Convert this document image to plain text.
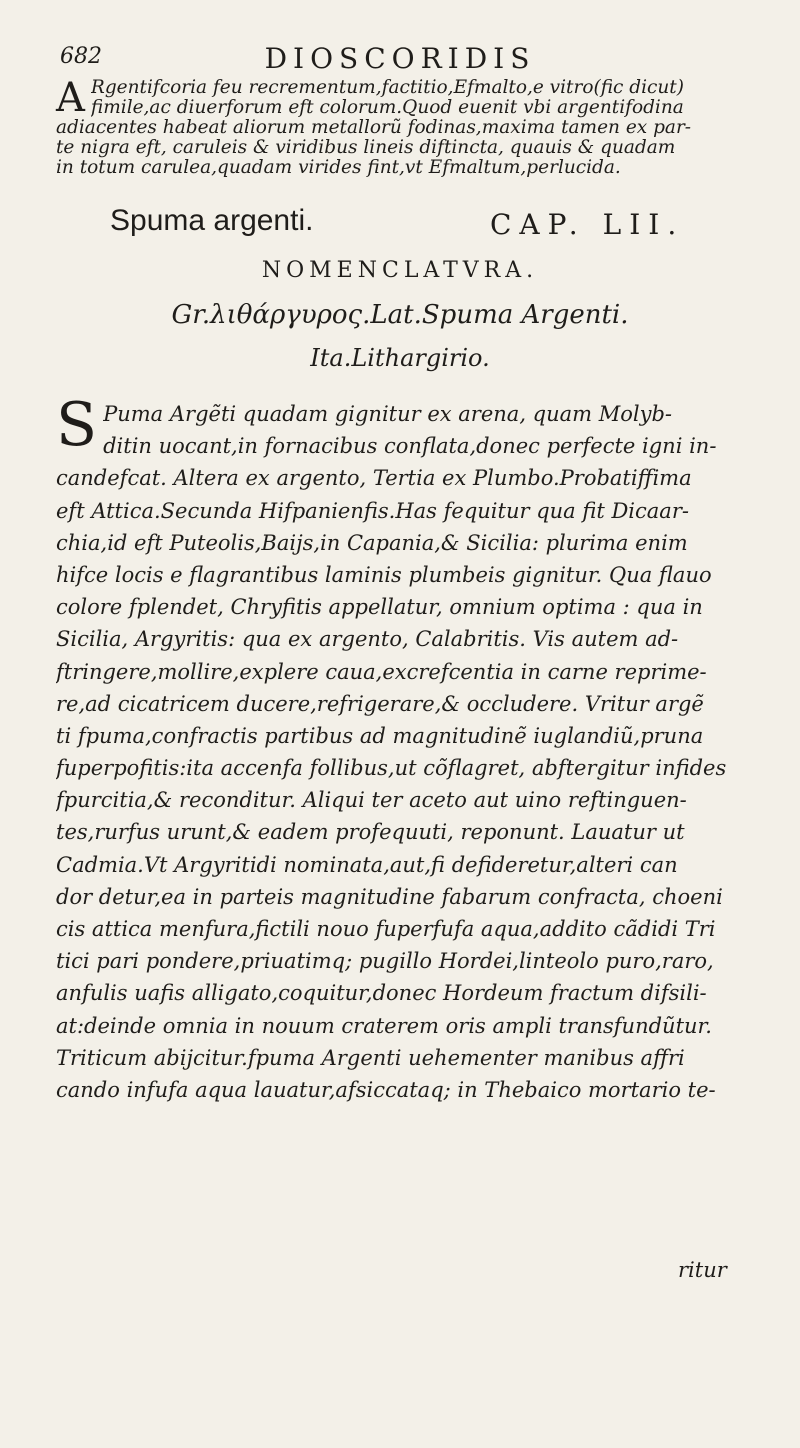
682	DIOSCORIDIS
A Rgentifcoria feu recrementum,factitio,Efmalto,e vitro(fic dicut)
fimile,ac diuerforum eft colorum.Quod euenit vbi argentifodina
adiacentes habeat aliorum metallorũ fodinas,maxima tamen ex par-
te nigra eft, caruleis & viridibus lineis diftincta, quauis & quadam
in totum carulea,quadam virides fint,vt Efmaltum,perlucida.
Spuma argenti.	CAP. LII.
NOMENCLATVRA.
Gr.λιθάργυρος.Lat.Spuma Argenti.
Ita.Lithargirio.
S Puma Argẽti quadam gignitur ex arena, quam Molyb-
ditin uocant,in fornacibus conflata,donec perfecte igni in-
candefcat. Altera ex argento, Tertia ex Plumbo.Probatiffima
eft Attica.Secunda Hifpanienfis.Has fequitur qua fit Dicaar-
chia,id eft Puteolis,Baijs,in Capania,& Sicilia: plurima enim
hifce locis e flagrantibus laminis plumbeis gignitur. Qua flauo
colore fplendet, Chryfitis appellatur, omnium optima : qua in
Sicilia, Argyritis: qua ex argento, Calabritis. Vis autem ad-
ftringere,mollire,explere caua,excrefcentia in carne reprime-
re,ad cicatricem ducere,refrigerare,& occludere. Vritur argẽ
ti fpuma,confractis partibus ad magnitudinẽ iuglandiũ,pruna
fuperpofitis:ita accenfa follibus,ut cõflagret, abftergitur infides
fpurcitia,& reconditur. Aliqui ter aceto aut uino reftinguen-
tes,rurfus urunt,& eadem profequuti, reponunt. Lauatur ut
Cadmia.Vt Argyritidi nominata,aut,fi defideretur,alteri can
dor detur,ea in parteis magnitudine fabarum confracta, choeni
cis attica menfura,fictili nouo fuperfufa aqua,addito cãdidi Tri
tici pari pondere,priuatimq; pugillo Hordei,linteolo puro,raro,
anfulis uafis alligato,coquitur,donec Hordeum fractum difsili-
at:deinde omnia in nouum craterem oris ampli transfundũtur.
Triticum abijcitur.fpuma Argenti uehementer manibus affri
cando infufa aqua lauatur,afsiccataq; in Thebaico mortario te-
ritur
